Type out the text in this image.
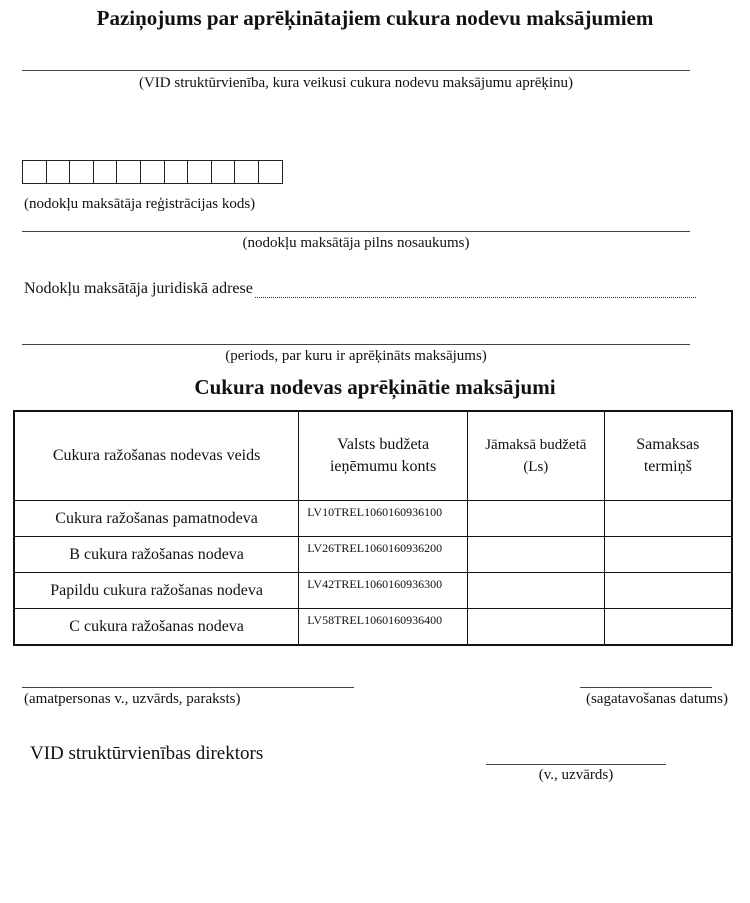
Paziņojums par aprēķinātajiem cukura nodevu maksājumiem
(VID struktūrvienība, kura veikusi cukura nodevu maksājumu aprēķinu)
(nodokļu maksātāja reģistrācijas kods)
(nodokļu maksātāja pilns nosaukums)
Nodokļu maksātāja juridiskā adrese
(periods, par kuru ir aprēķināts maksājums)
Cukura nodevas aprēķinātie maksājumi
Cukura ražošanas nodevas veids	Valsts budžeta ieņēmumu konts	Jāmaksā budžetā (Ls)	Samaksas termiņš

Cukura ražošanas pamatnodeva	LV10TREL1060160936100		
B cukura ražošanas nodeva	LV26TREL1060160936200		
Papildu cukura ražošanas nodeva	LV42TREL1060160936300		
C cukura ražošanas nodeva	LV58TREL1060160936400		
(amatpersonas v., uzvārds, paraksts)	(sagatavošanas datums)
VID struktūrvienības direktors
(v., uzvārds)
